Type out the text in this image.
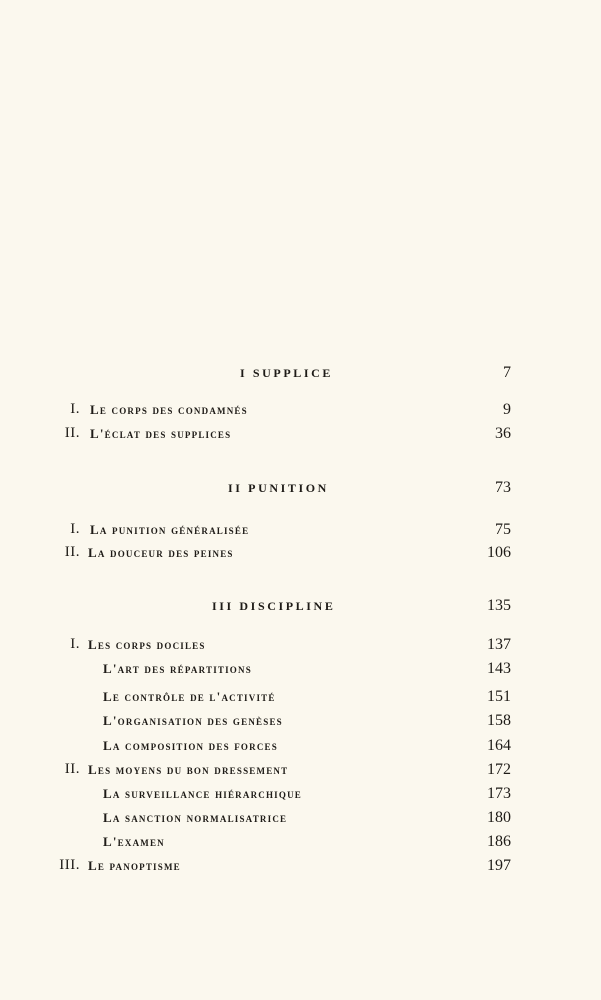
I SUPPLICE	7
I. Le corps des condamnés	9
II. L'éclat des supplices	36
II PUNITION	73
I. La punition généralisée	75
II. La douceur des peines	106
III DISCIPLINE	135
I. Les corps dociles	137
L'art des répartitions	143
Le contrôle de l'activité	151
L'organisation des genèses	158
La composition des forces	164
II. Les moyens du bon dressement	172
La surveillance hiérarchique	173
La sanction normalisatrice	180
L'examen	186
III. Le panoptisme	197
